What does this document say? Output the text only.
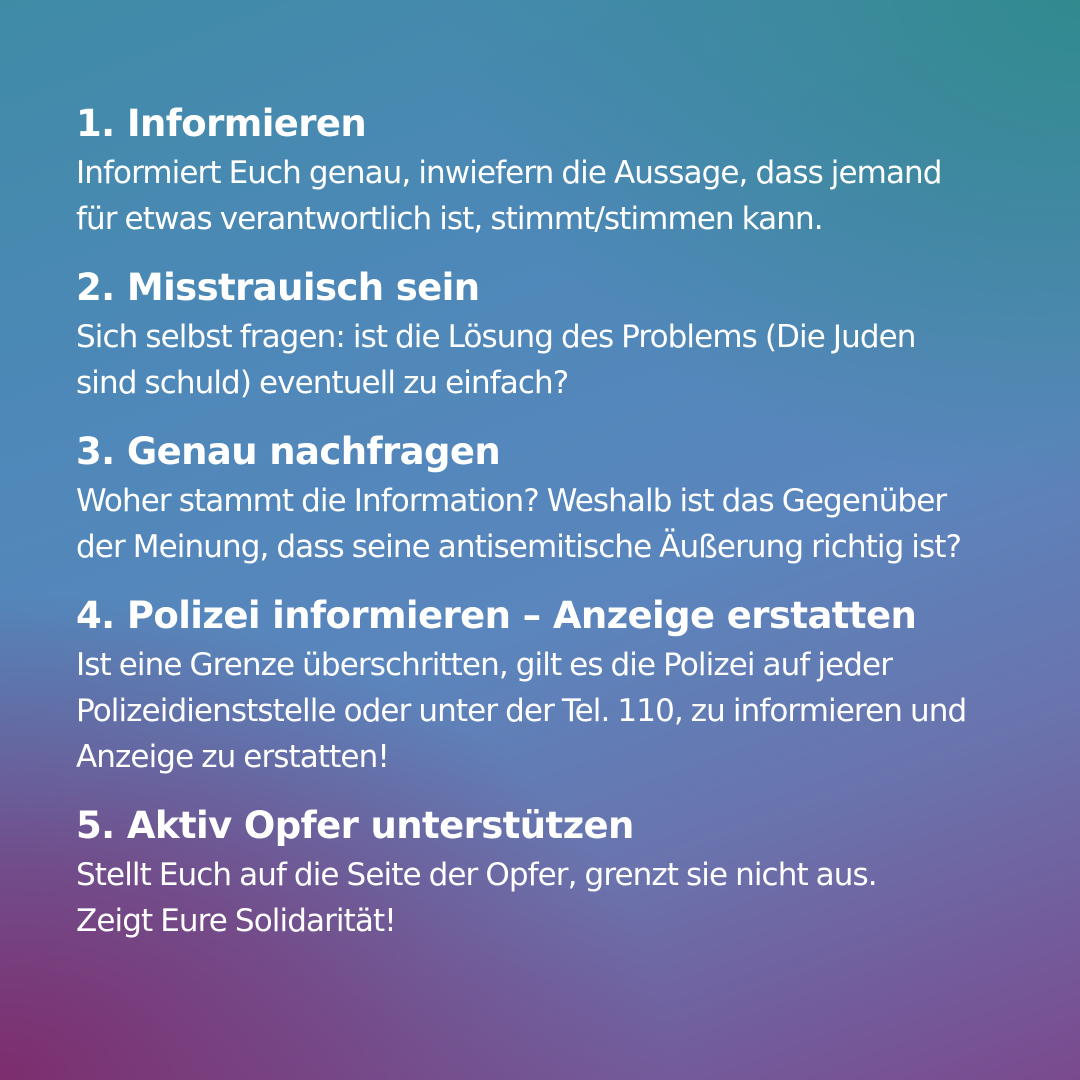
1. Informieren
Informiert Euch genau, inwiefern die Aussage, dass jemand
für etwas verantwortlich ist, stimmt/stimmen kann.
2. Misstrauisch sein
Sich selbst fragen: ist die Lösung des Problems (Die Juden
sind schuld) eventuell zu einfach?
3. Genau nachfragen
Woher stammt die Information? Weshalb ist das Gegenüber
der Meinung, dass seine antisemitische Äußerung richtig ist?
4. Polizei informieren – Anzeige erstatten
Ist eine Grenze überschritten, gilt es die Polizei auf jeder
Polizeidienststelle oder unter der Tel. 110, zu informieren und
Anzeige zu erstatten!
5. Aktiv Opfer unterstützen
Stellt Euch auf die Seite der Opfer, grenzt sie nicht aus.
Zeigt Eure Solidarität!
